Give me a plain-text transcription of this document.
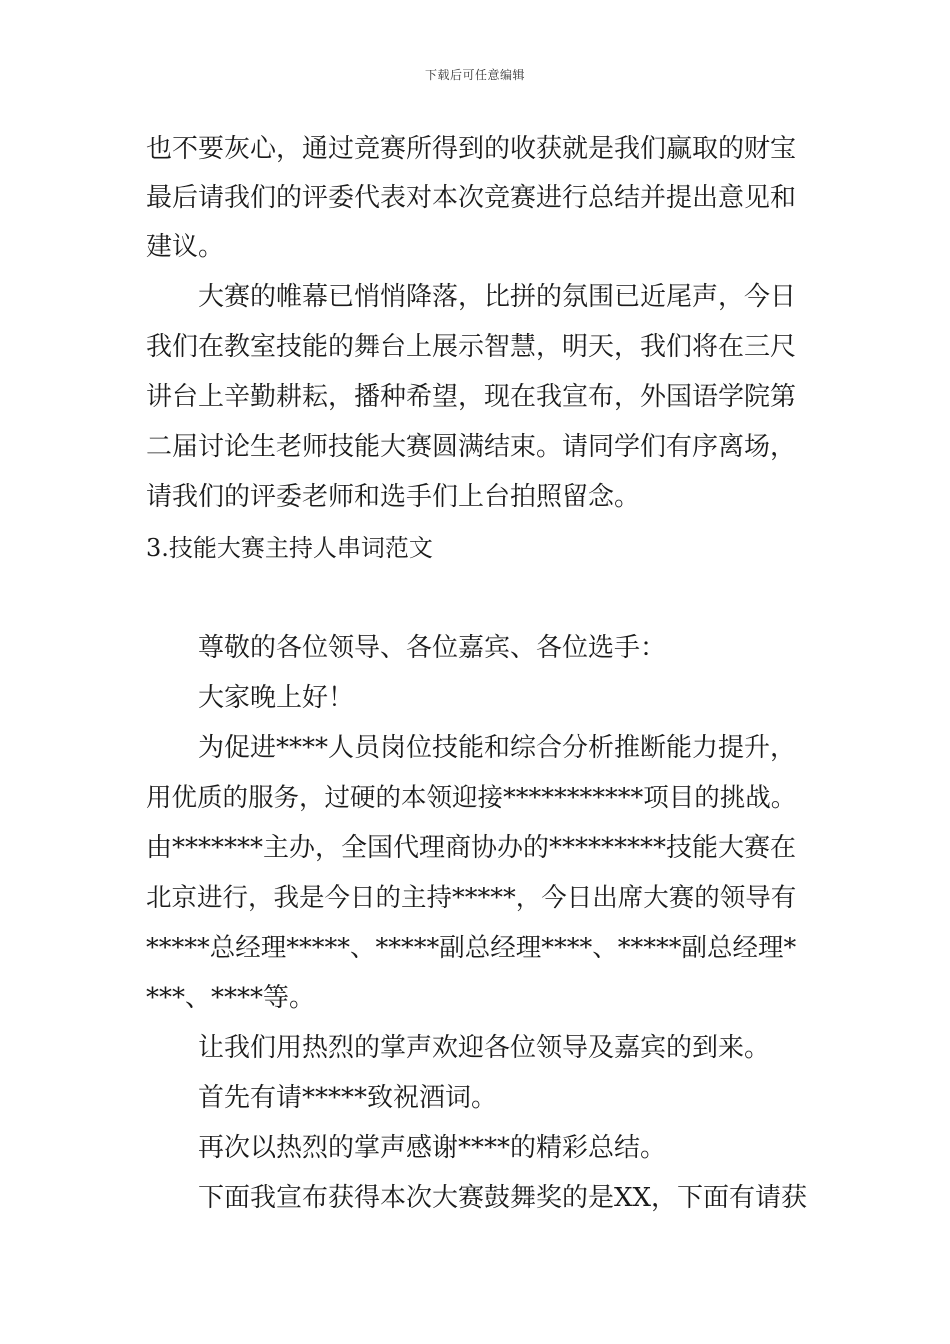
下载后可任意编辑
也不要灰心，通过竞赛所得到的收获就是我们赢取的财宝
最后请我们的评委代表对本次竞赛进行总结并提出意见和
建议。
大赛的帷幕已悄悄降落，比拼的氛围已近尾声，今日
我们在教室技能的舞台上展示智慧，明天，我们将在三尺
讲台上辛勤耕耘，播种希望，现在我宣布，外国语学院第
二届讨论生老师技能大赛圆满结束。请同学们有序离场，
请我们的评委老师和选手们上台拍照留念。
3.技能大赛主持人串词范文
尊敬的各位领导、各位嘉宾、各位选手：
大家晚上好！
为促进****人员岗位技能和综合分析推断能力提升，
用优质的服务，过硬的本领迎接***********项目的挑战。
由*******主办，全国代理商协办的*********技能大赛在
北京进行，我是今日的主持*****，今日出席大赛的领导有
*****总经理*****、*****副总经理****、*****副总经理*
***、****等。
让我们用热烈的掌声欢迎各位领导及嘉宾的到来。
首先有请*****致祝酒词。
再次以热烈的掌声感谢****的精彩总结。
下面我宣布获得本次大赛鼓舞奖的是XX，下面有请获
